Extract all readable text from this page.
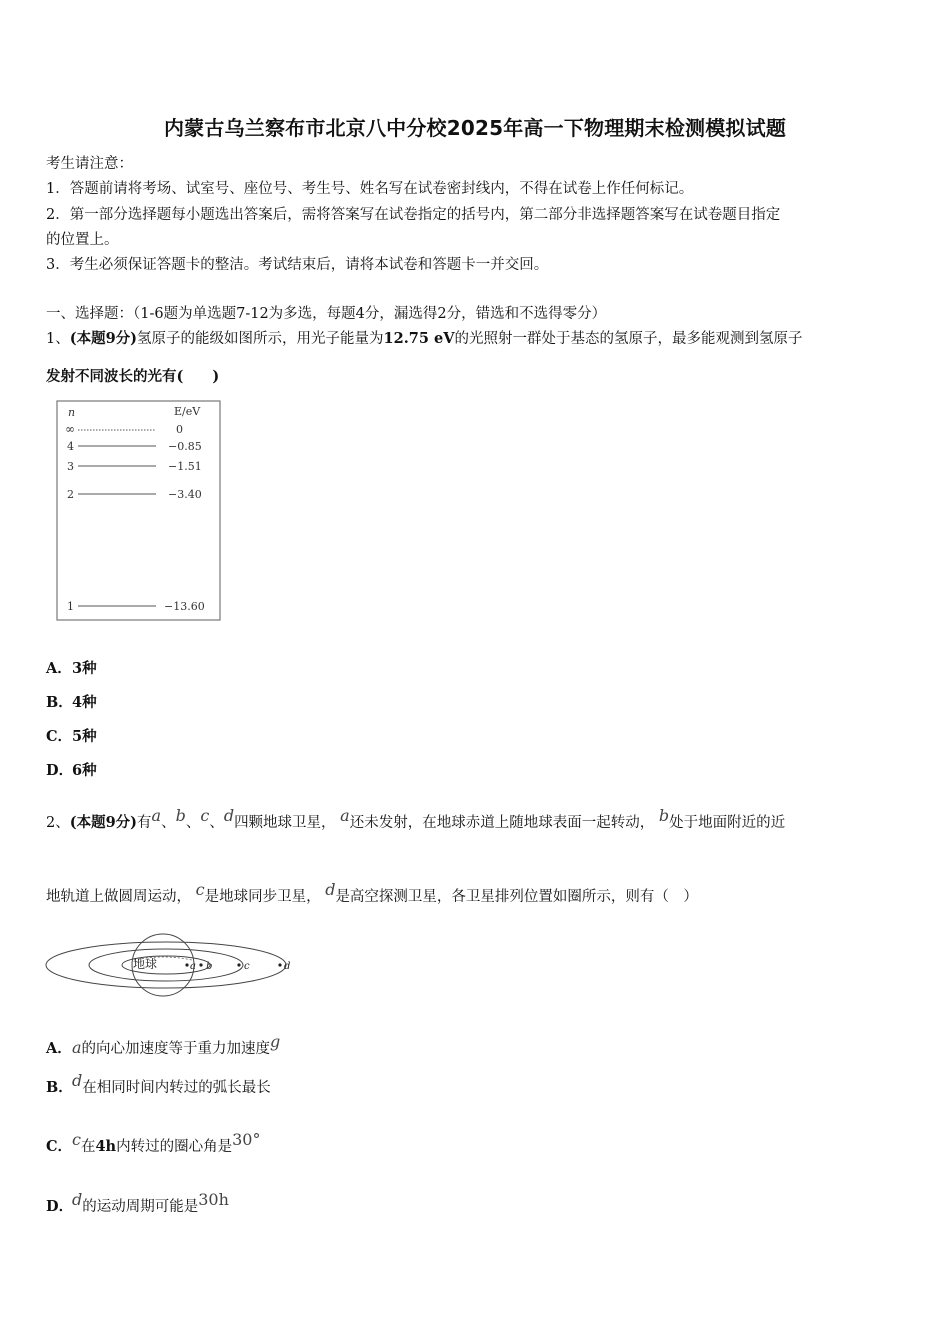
内蒙古乌兰察布市北京八中分校2025年高一下物理期末检测模拟试题
考生请注意：
1．答题前请将考场、试室号、座位号、考生号、姓名写在试卷密封线内，不得在试卷上作任何标记。
2．第一部分选择题每小题选出答案后，需将答案写在试卷指定的括号内，第二部分非选择题答案写在试卷题目指定
的位置上。
3．考生必须保证答题卡的整洁。考试结束后，请将本试卷和答题卡一并交回。
一、选择题：（1-6题为单选题7-12为多选，每题4分，漏选得2分，错选和不选得零分）
1、(本题9分)氢原子的能级如图所示，用光子能量为12.75 eV的光照射一群处于基态的氢原子，最多能观测到氢原子
发射不同波长的光有(　　)
n	E/eV
∞	0
4	−0.85
3	−1.51
2	−3.40
1	−13.60
A．3种
B．4种
C．5种
D．6种
2、(本题9分)有$^a$、$^b$、$^c$、$^d$四颗地球卫星， $^a$还未发射，在地球赤道上随地球表面一起转动， $^b$处于地面附近的近
地轨道上做圆周运动， $^c$是地球同步卫星， $^d$是高空探测卫星，各卫星排列位置如圈所示，则有（　）
地球	a b	c	d
A．a的向心加速度等于重力加速度$^g$
B．$^d$在相同时间内转过的弧长最长
C．$^c$在4h内转过的圈心角是$^{30^\circ}$
D．$^d$的运动周期可能是$^{30h}$
